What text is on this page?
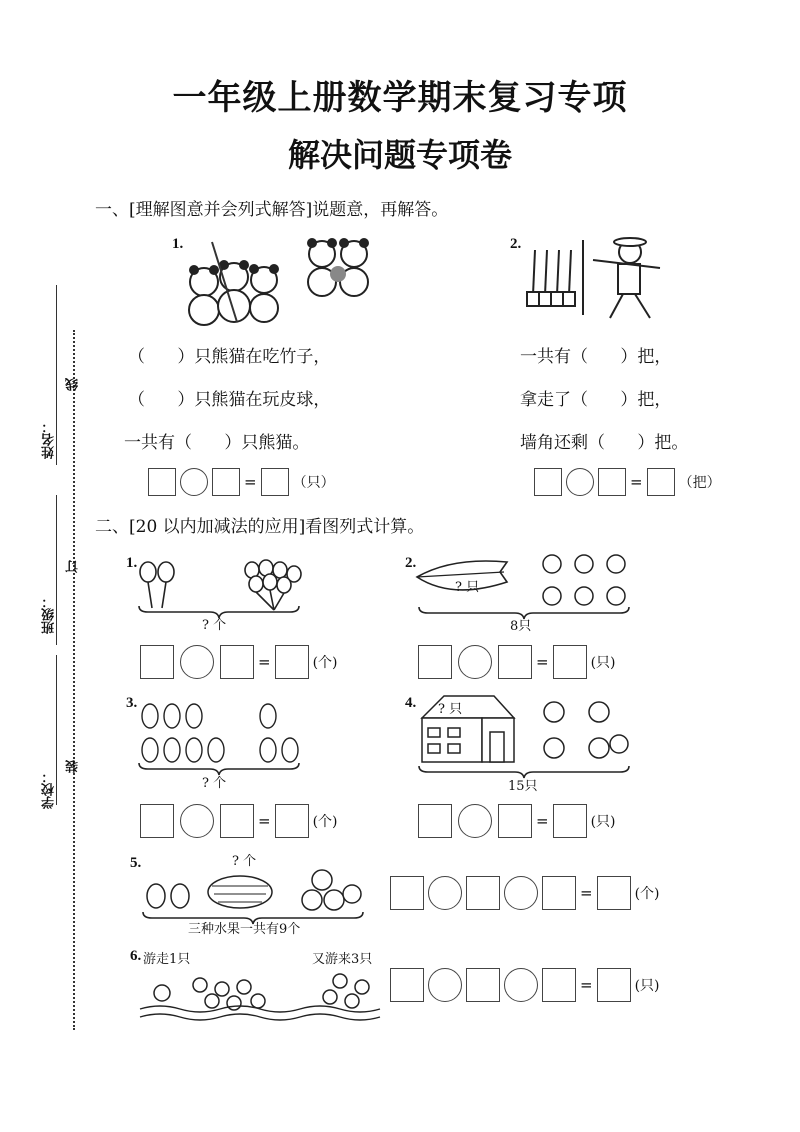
一年级上册数学期末复习专项
解决问题专项卷
姓名：
班级：
学校：
线
订
装
一、[理解图意并会列式解答]说题意，再解答。
1.	2.
（      ）只熊猫在吃竹子，
（      ）只熊猫在玩皮球，
一共有（      ）只熊猫。
一共有（      ）把，
拿走了（      ）把，
墙角还剩（      ）把。
=	（只）	=	（把）
二、[20 以内加减法的应用]看图列式计算。
1.
? 个
=	(个)
2.
? 只
8只
=	(只)
3.
? 个
=	(个)
4. ? 只
15只
=	(只)
5.	? 个
三种水果一共有9个
=	(个)
6. 游走1只	又游来3只
=	(只)
